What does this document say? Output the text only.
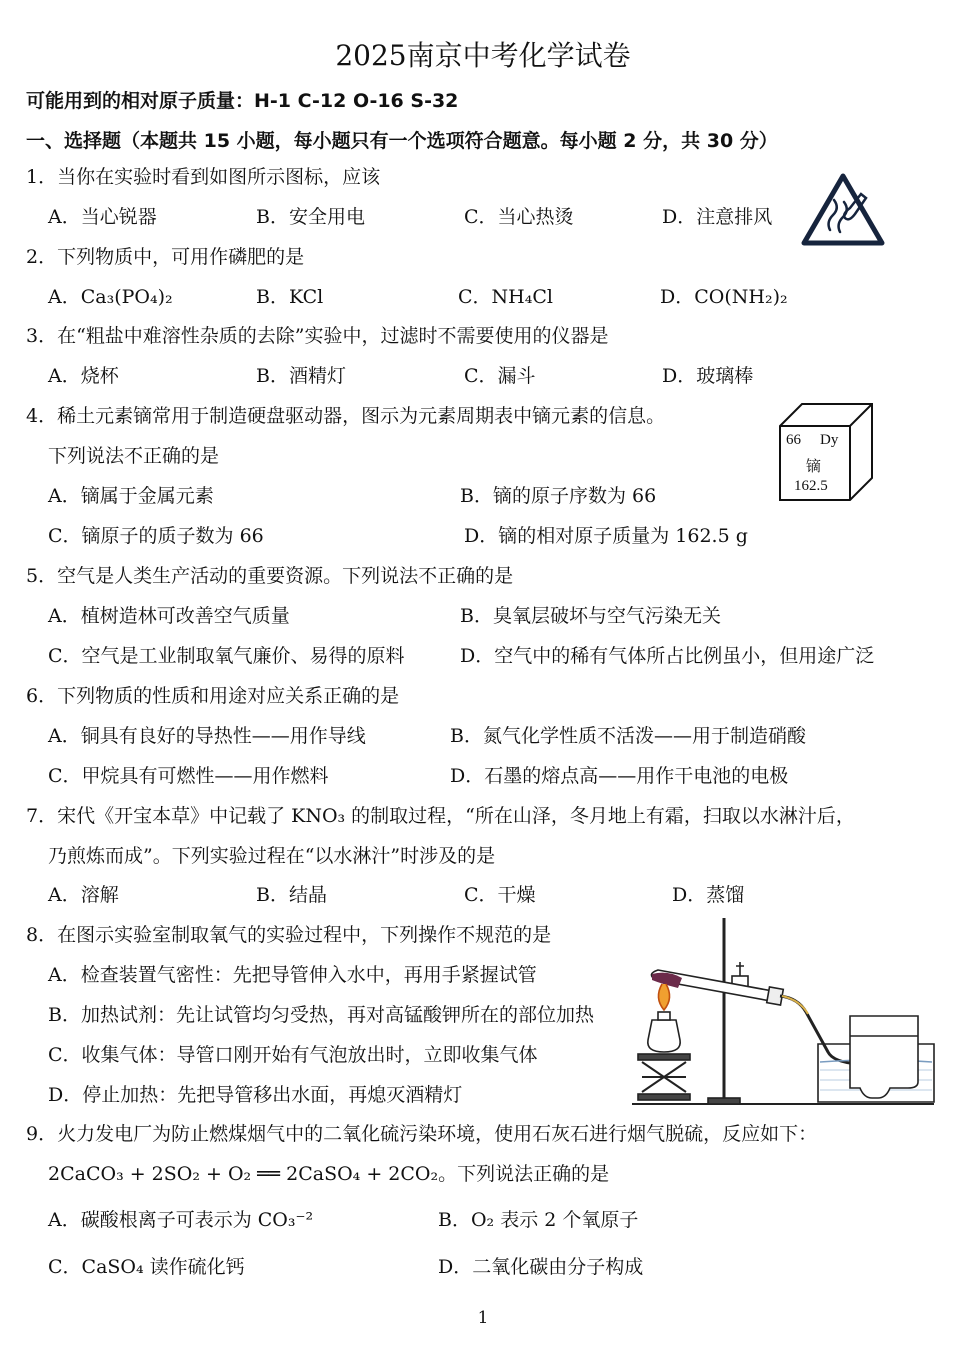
2025南京中考化学试卷
可能用到的相对原子质量：H-1 C-12 O-16 S-32
一、选择题（本题共 15 小题，每小题只有一个选项符合题意。每小题 2 分，共 30 分）
1．当你在实验时看到如图所示图标，应该
A．当心锐器	B．安全用电	C．当心热烫	D．注意排风
2．下列物质中，可用作磷肥的是
A．Ca₃(PO₄)₂	B．KCl	C．NH₄Cl	D．CO(NH₂)₂
3．在“粗盐中难溶性杂质的去除”实验中，过滤时不需要使用的仪器是
A．烧杯	B．酒精灯	C．漏斗	D．玻璃棒
4．稀土元素镝常用于制造硬盘驱动器，图示为元素周期表中镝元素的信息。
下列说法不正确的是
A．镝属于金属元素	B．镝的原子序数为 66
C．镝原子的质子数为 66	D．镝的相对原子质量为 162.5 g
66 Dy
镝
162.5
5．空气是人类生产活动的重要资源。下列说法不正确的是
A．植树造林可改善空气质量	B．臭氧层破坏与空气污染无关
C．空气是工业制取氧气廉价、易得的原料	D．空气中的稀有气体所占比例虽小，但用途广泛
6．下列物质的性质和用途对应关系正确的是
A．铜具有良好的导热性——用作导线	B．氮气化学性质不活泼——用于制造硝酸
C．甲烷具有可燃性——用作燃料	D．石墨的熔点高——用作干电池的电极
7．宋代《开宝本草》中记载了 KNO₃ 的制取过程，“所在山泽，冬月地上有霜，扫取以水淋汁后，
乃煎炼而成”。下列实验过程在“以水淋汁”时涉及的是
A．溶解	B．结晶	C．干燥	D．蒸馏
8．在图示实验室制取氧气的实验过程中，下列操作不规范的是
A．检查装置气密性：先把导管伸入水中，再用手紧握试管
B．加热试剂：先让试管均匀受热，再对高锰酸钾所在的部位加热
C．收集气体：导管口刚开始有气泡放出时，立即收集气体
D．停止加热：先把导管移出水面，再熄灭酒精灯
9．火力发电厂为防止燃煤烟气中的二氧化硫污染环境，使用石灰石进行烟气脱硫，反应如下：
2CaCO₃ + 2SO₂ + O₂ ══ 2CaSO₄ + 2CO₂。下列说法正确的是
A．碳酸根离子可表示为 CO₃⁻²	B．O₂ 表示 2 个氧原子
C．CaSO₄ 读作硫化钙	D．二氧化碳由分子构成
1
